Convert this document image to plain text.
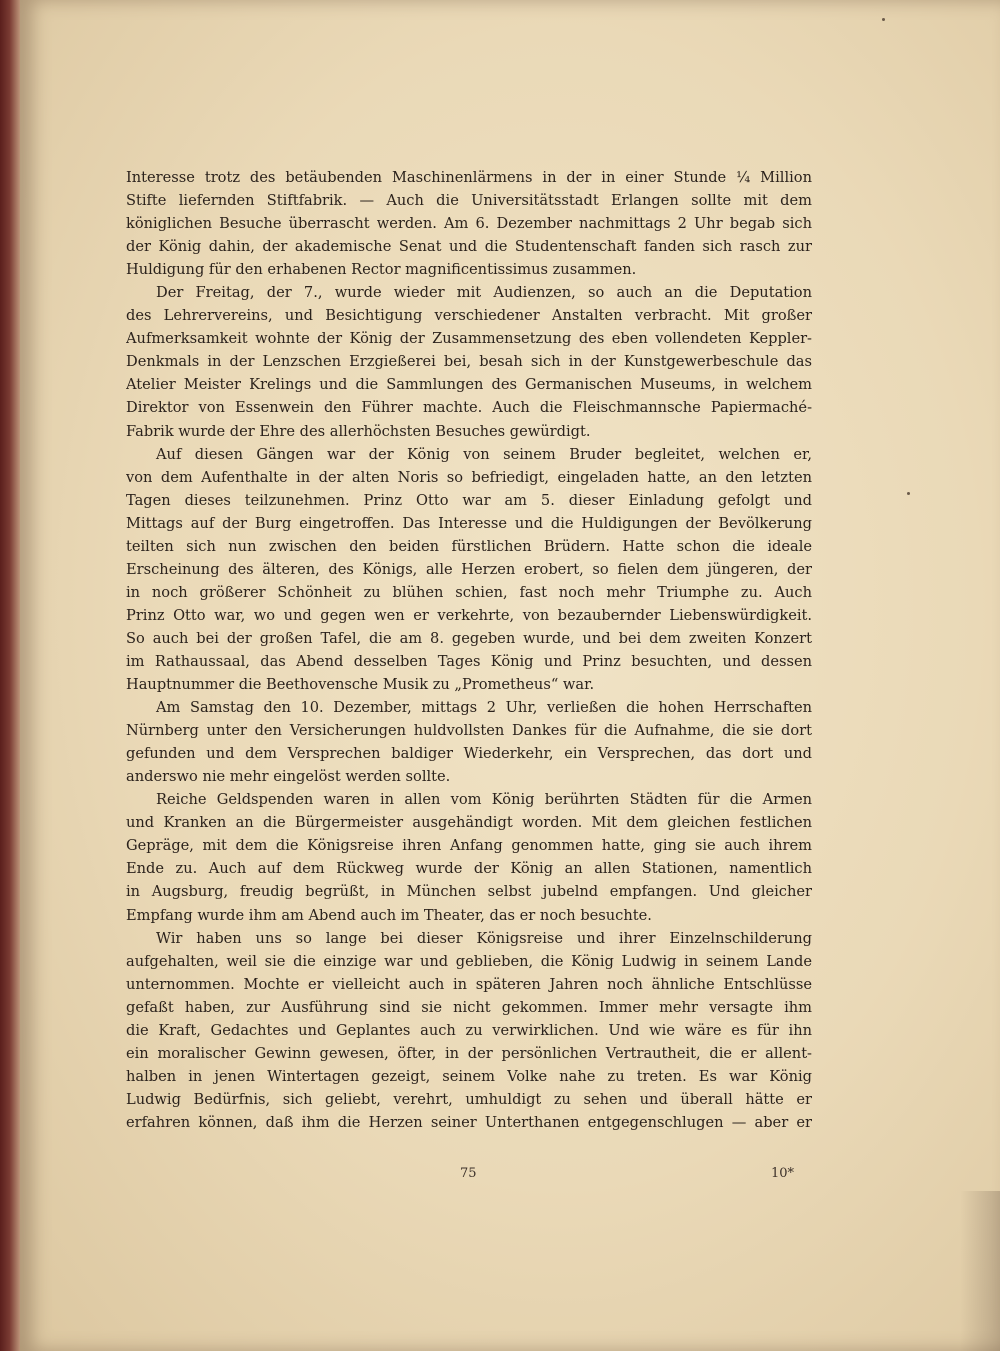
Interesse trotz des betäubenden Maschinenlärmens in der in einer Stunde ¼ Million
Stifte liefernden Stiftfabrik. — Auch die Universitätsstadt Erlangen sollte mit dem
königlichen Besuche überrascht werden. Am 6. Dezember nachmittags 2 Uhr begab sich
der König dahin, der akademische Senat und die Studentenschaft fanden sich rasch zur
Huldigung für den erhabenen Rector magnificentissimus zusammen.
Der Freitag, der 7., wurde wieder mit Audienzen, so auch an die Deputation
des Lehrervereins, und Besichtigung verschiedener Anstalten verbracht. Mit großer
Aufmerksamkeit wohnte der König der Zusammensetzung des eben vollendeten Keppler-
Denkmals in der Lenzschen Erzgießerei bei, besah sich in der Kunstgewerbeschule das
Atelier Meister Krelings und die Sammlungen des Germanischen Museums, in welchem
Direktor von Essenwein den Führer machte. Auch die Fleischmannsche Papiermaché-
Fabrik wurde der Ehre des allerhöchsten Besuches gewürdigt.
Auf diesen Gängen war der König von seinem Bruder begleitet, welchen er,
von dem Aufenthalte in der alten Noris so befriedigt, eingeladen hatte, an den letzten
Tagen dieses teilzunehmen. Prinz Otto war am 5. dieser Einladung gefolgt und
Mittags auf der Burg eingetroffen. Das Interesse und die Huldigungen der Bevölkerung
teilten sich nun zwischen den beiden fürstlichen Brüdern. Hatte schon die ideale
Erscheinung des älteren, des Königs, alle Herzen erobert, so fielen dem jüngeren, der
in noch größerer Schönheit zu blühen schien, fast noch mehr Triumphe zu. Auch
Prinz Otto war, wo und gegen wen er verkehrte, von bezaubernder Liebenswürdigkeit.
So auch bei der großen Tafel, die am 8. gegeben wurde, und bei dem zweiten Konzert
im Rathaussaal, das Abend desselben Tages König und Prinz besuchten, und dessen
Hauptnummer die Beethovensche Musik zu „Prometheus“ war.
Am Samstag den 10. Dezember, mittags 2 Uhr, verließen die hohen Herrschaften
Nürnberg unter den Versicherungen huldvollsten Dankes für die Aufnahme, die sie dort
gefunden und dem Versprechen baldiger Wiederkehr, ein Versprechen, das dort und
anderswo nie mehr eingelöst werden sollte.
Reiche Geldspenden waren in allen vom König berührten Städten für die Armen
und Kranken an die Bürgermeister ausgehändigt worden. Mit dem gleichen festlichen
Gepräge, mit dem die Königsreise ihren Anfang genommen hatte, ging sie auch ihrem
Ende zu. Auch auf dem Rückweg wurde der König an allen Stationen, namentlich
in Augsburg, freudig begrüßt, in München selbst jubelnd empfangen. Und gleicher
Empfang wurde ihm am Abend auch im Theater, das er noch besuchte.
Wir haben uns so lange bei dieser Königsreise und ihrer Einzelnschilderung
aufgehalten, weil sie die einzige war und geblieben, die König Ludwig in seinem Lande
unternommen. Mochte er vielleicht auch in späteren Jahren noch ähnliche Entschlüsse
gefaßt haben, zur Ausführung sind sie nicht gekommen. Immer mehr versagte ihm
die Kraft, Gedachtes und Geplantes auch zu verwirklichen. Und wie wäre es für ihn
ein moralischer Gewinn gewesen, öfter, in der persönlichen Vertrautheit, die er allent-
halben in jenen Wintertagen gezeigt, seinem Volke nahe zu treten. Es war König
Ludwig Bedürfnis, sich geliebt, verehrt, umhuldigt zu sehen und überall hätte er
erfahren können, daß ihm die Herzen seiner Unterthanen entgegenschlugen — aber er
75	10*
